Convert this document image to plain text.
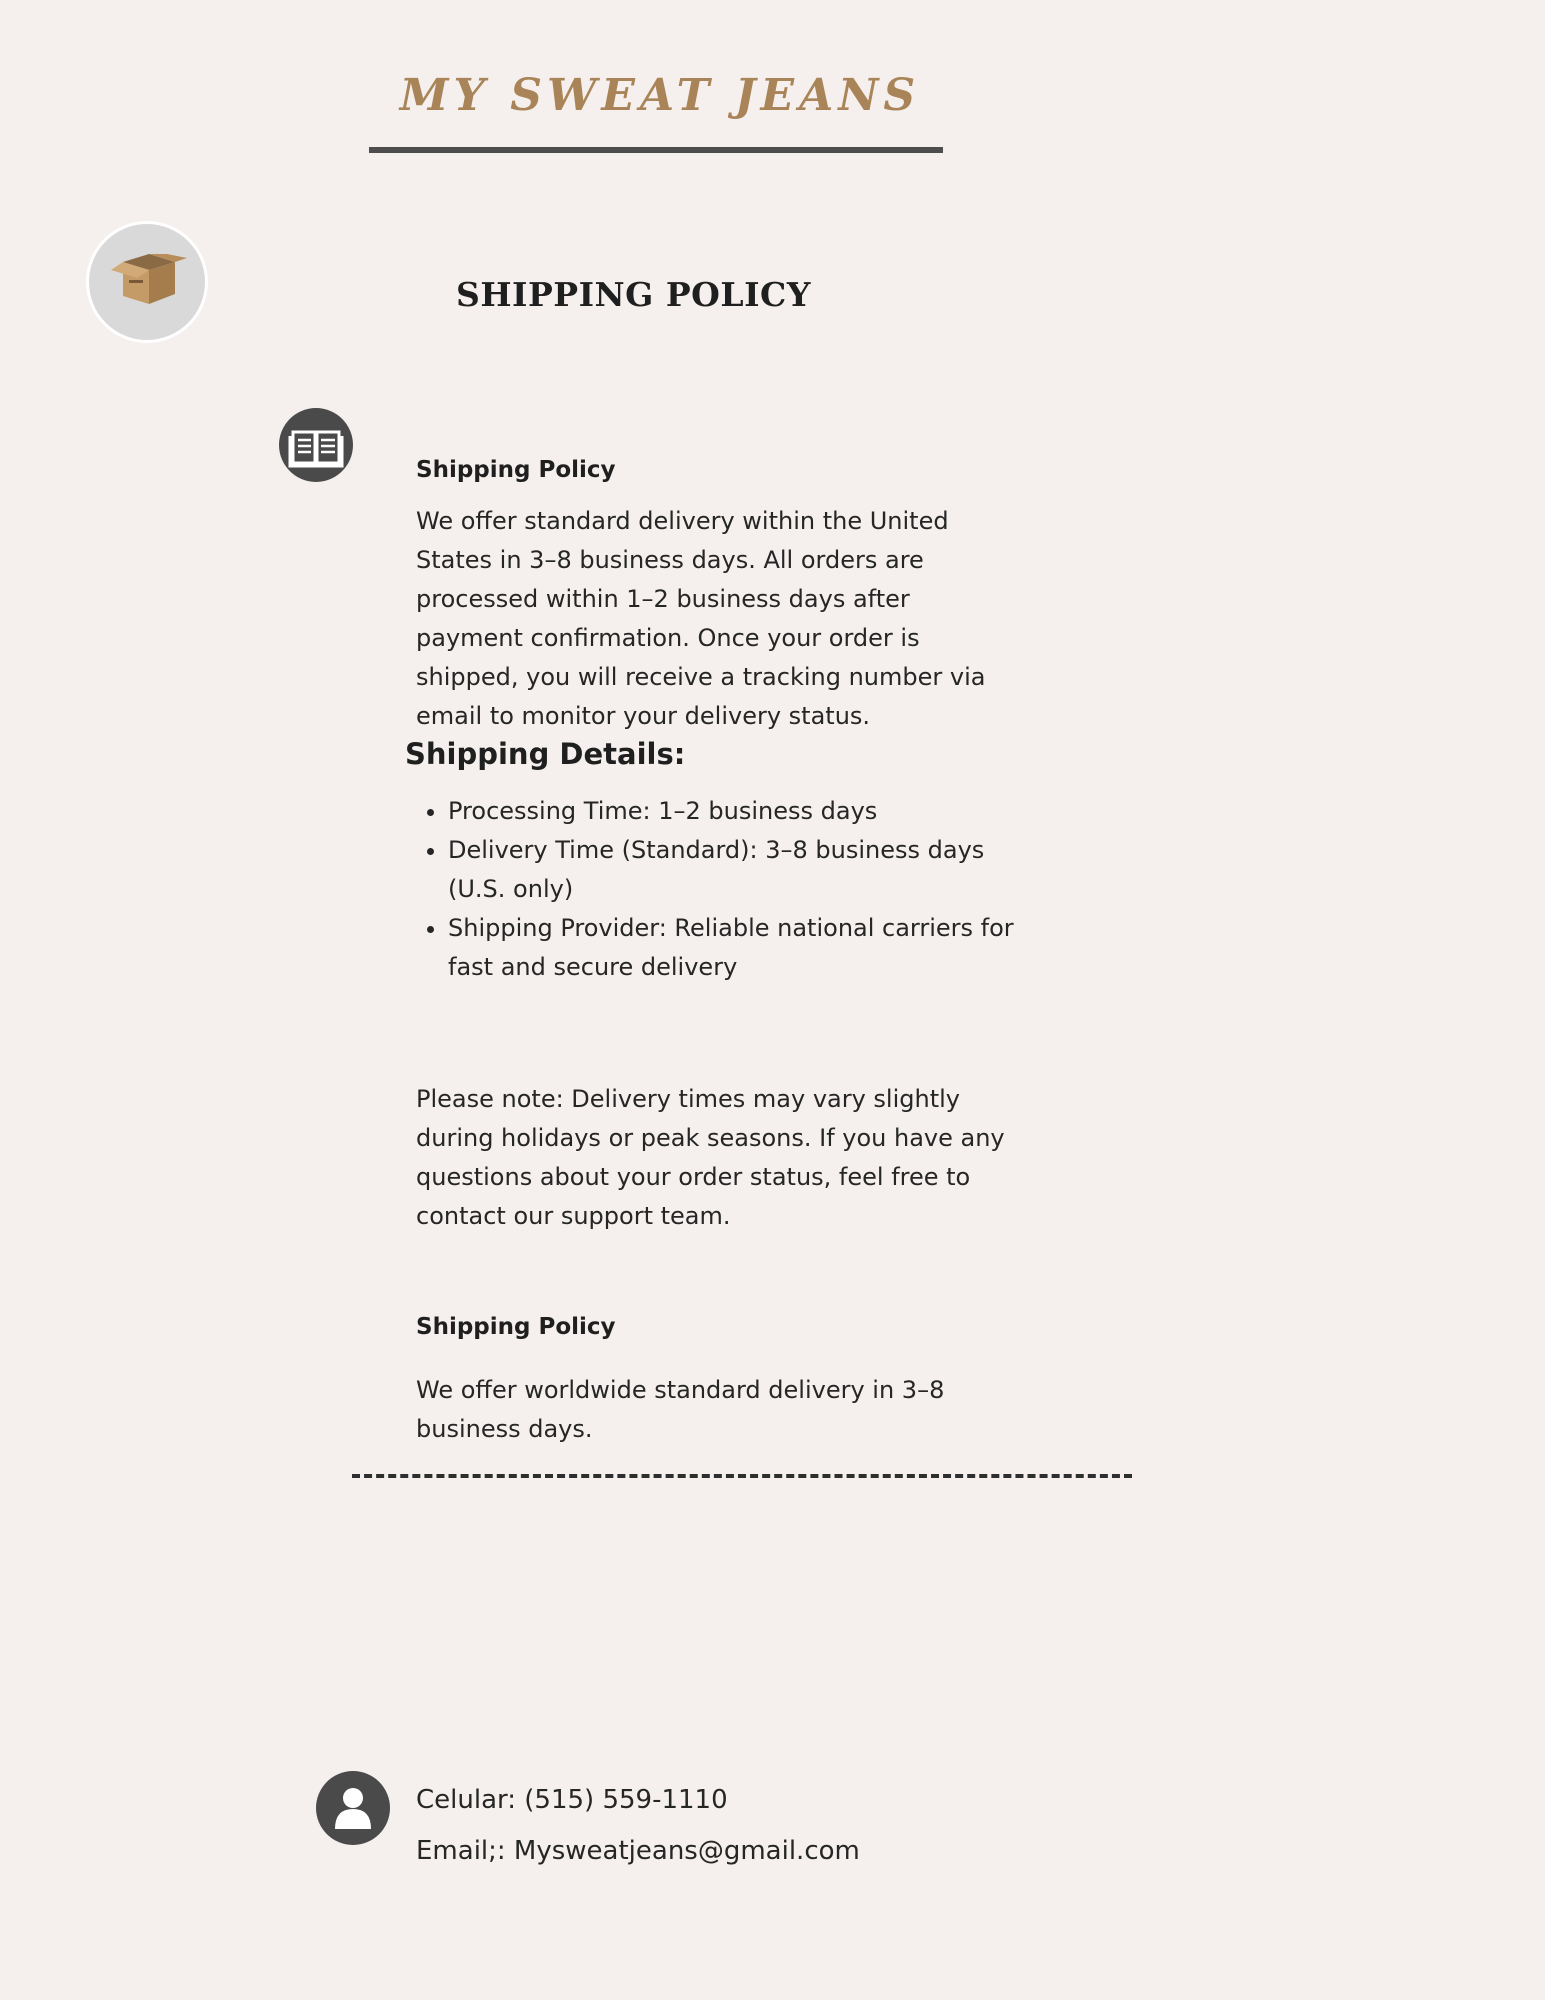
MY SWEAT JEANS
SHIPPING POLICY
Shipping Policy
We offer standard delivery within the United States in 3–8 business days. All orders are processed within 1–2 business days after payment confirmation. Once your order is shipped, you will receive a tracking number via email to monitor your delivery status.
Shipping Details:
• Processing Time: 1–2 business days
• Delivery Time (Standard): 3–8 business days (U.S. only)
• Shipping Provider: Reliable national carriers for fast and secure delivery
Please note: Delivery times may vary slightly during holidays or peak seasons. If you have any questions about your order status, feel free to contact our support team.
Shipping Policy
We offer worldwide standard delivery in 3–8 business days.
Celular: (515) 559-1110
Email;: Mysweatjeans@gmail.com
